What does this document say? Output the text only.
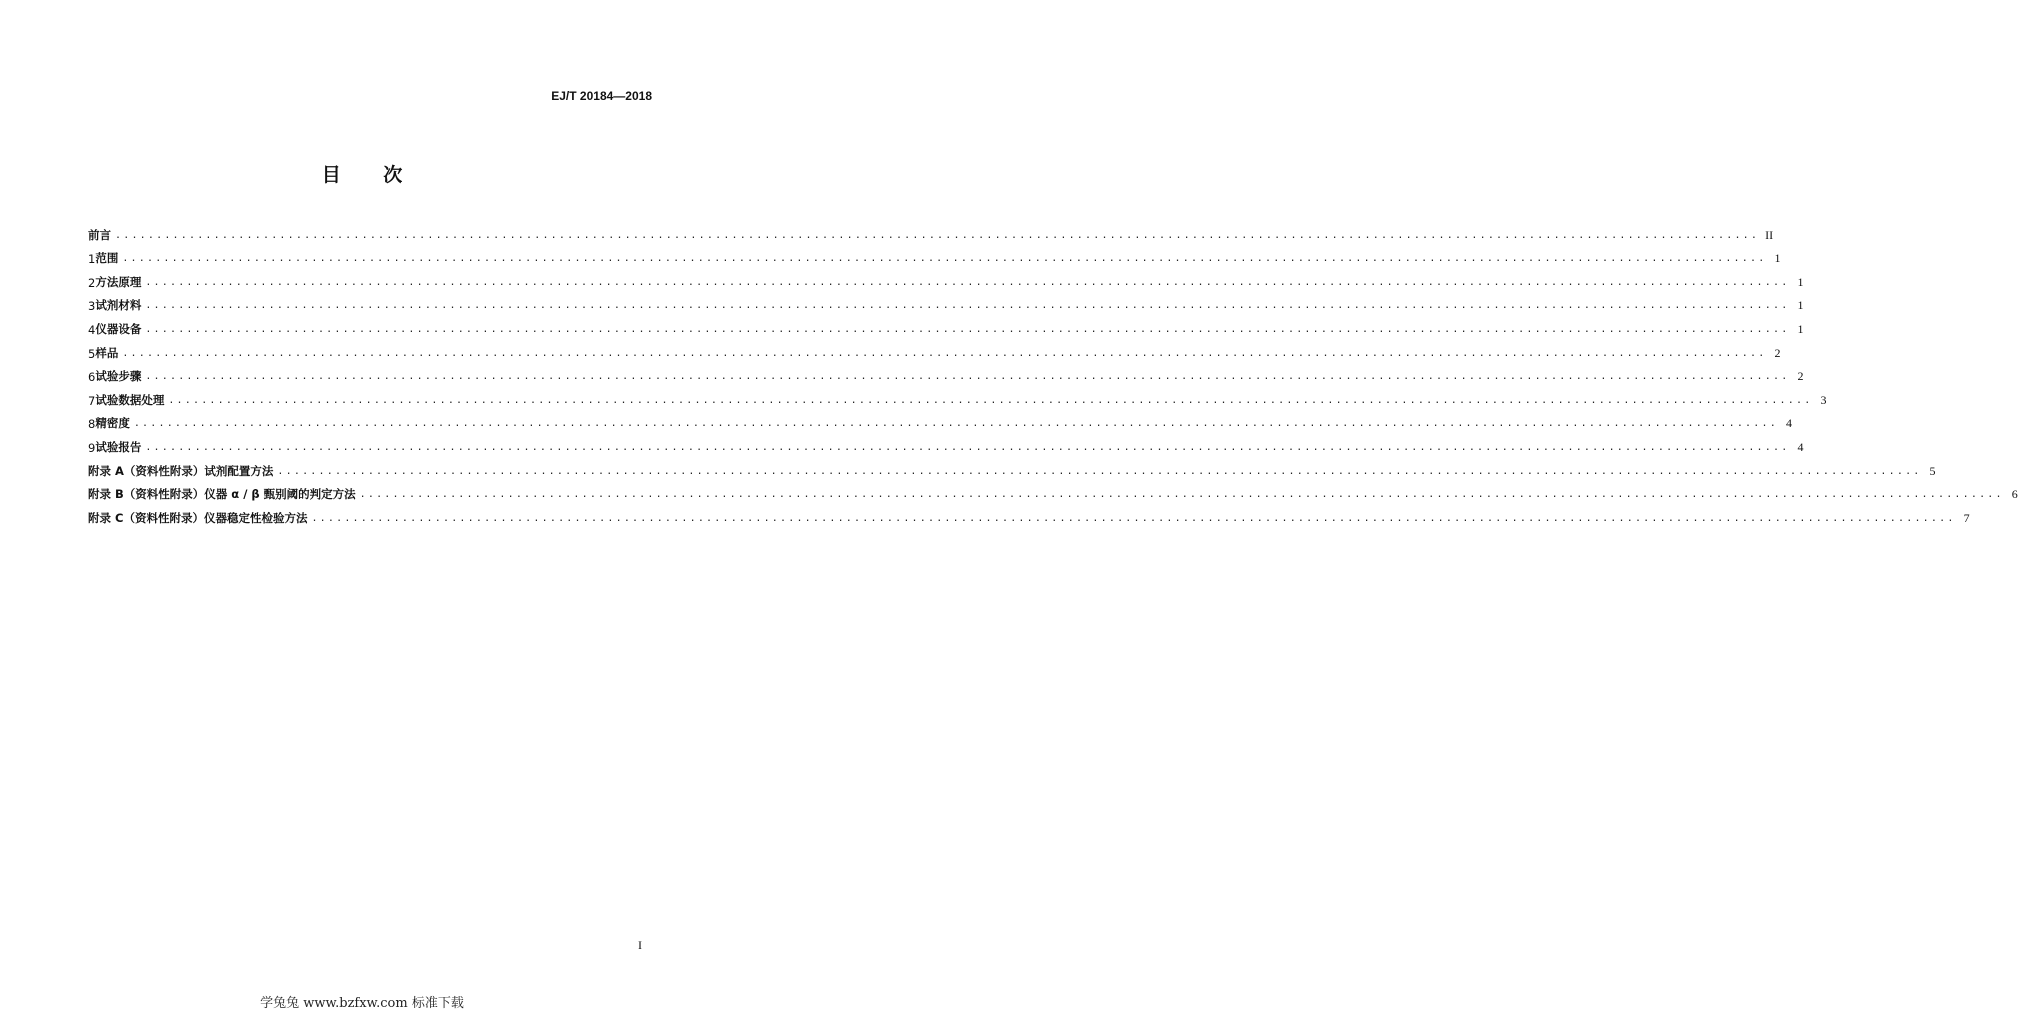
EJ/T 20184—2018
目 次
前言 ........................................................................................................................................................................................................ II
1 范围 ........................................................................................................................................................................................................ 1
2 方法原理 ........................................................................................................................................................................................................ 1
3 试剂材料 ........................................................................................................................................................................................................ 1
4 仪器设备 ........................................................................................................................................................................................................ 1
5 样品 ........................................................................................................................................................................................................ 2
6 试验步骤 ........................................................................................................................................................................................................ 2
7 试验数据处理 ........................................................................................................................................................................................................ 3
8 精密度 ........................................................................................................................................................................................................ 4
9 试验报告 ........................................................................................................................................................................................................ 4
附录 A（资料性附录） 试剂配置方法 ........................................................................................................................................................................................................ 5
附录 B（资料性附录） 仪器 α / β 甄别阈的判定方法 ........................................................................................................................................................................................................ 6
附录 C（资料性附录） 仪器稳定性检验方法 ........................................................................................................................................................................................................ 7
I
学兔兔 www.bzfxw.com 标准下载
